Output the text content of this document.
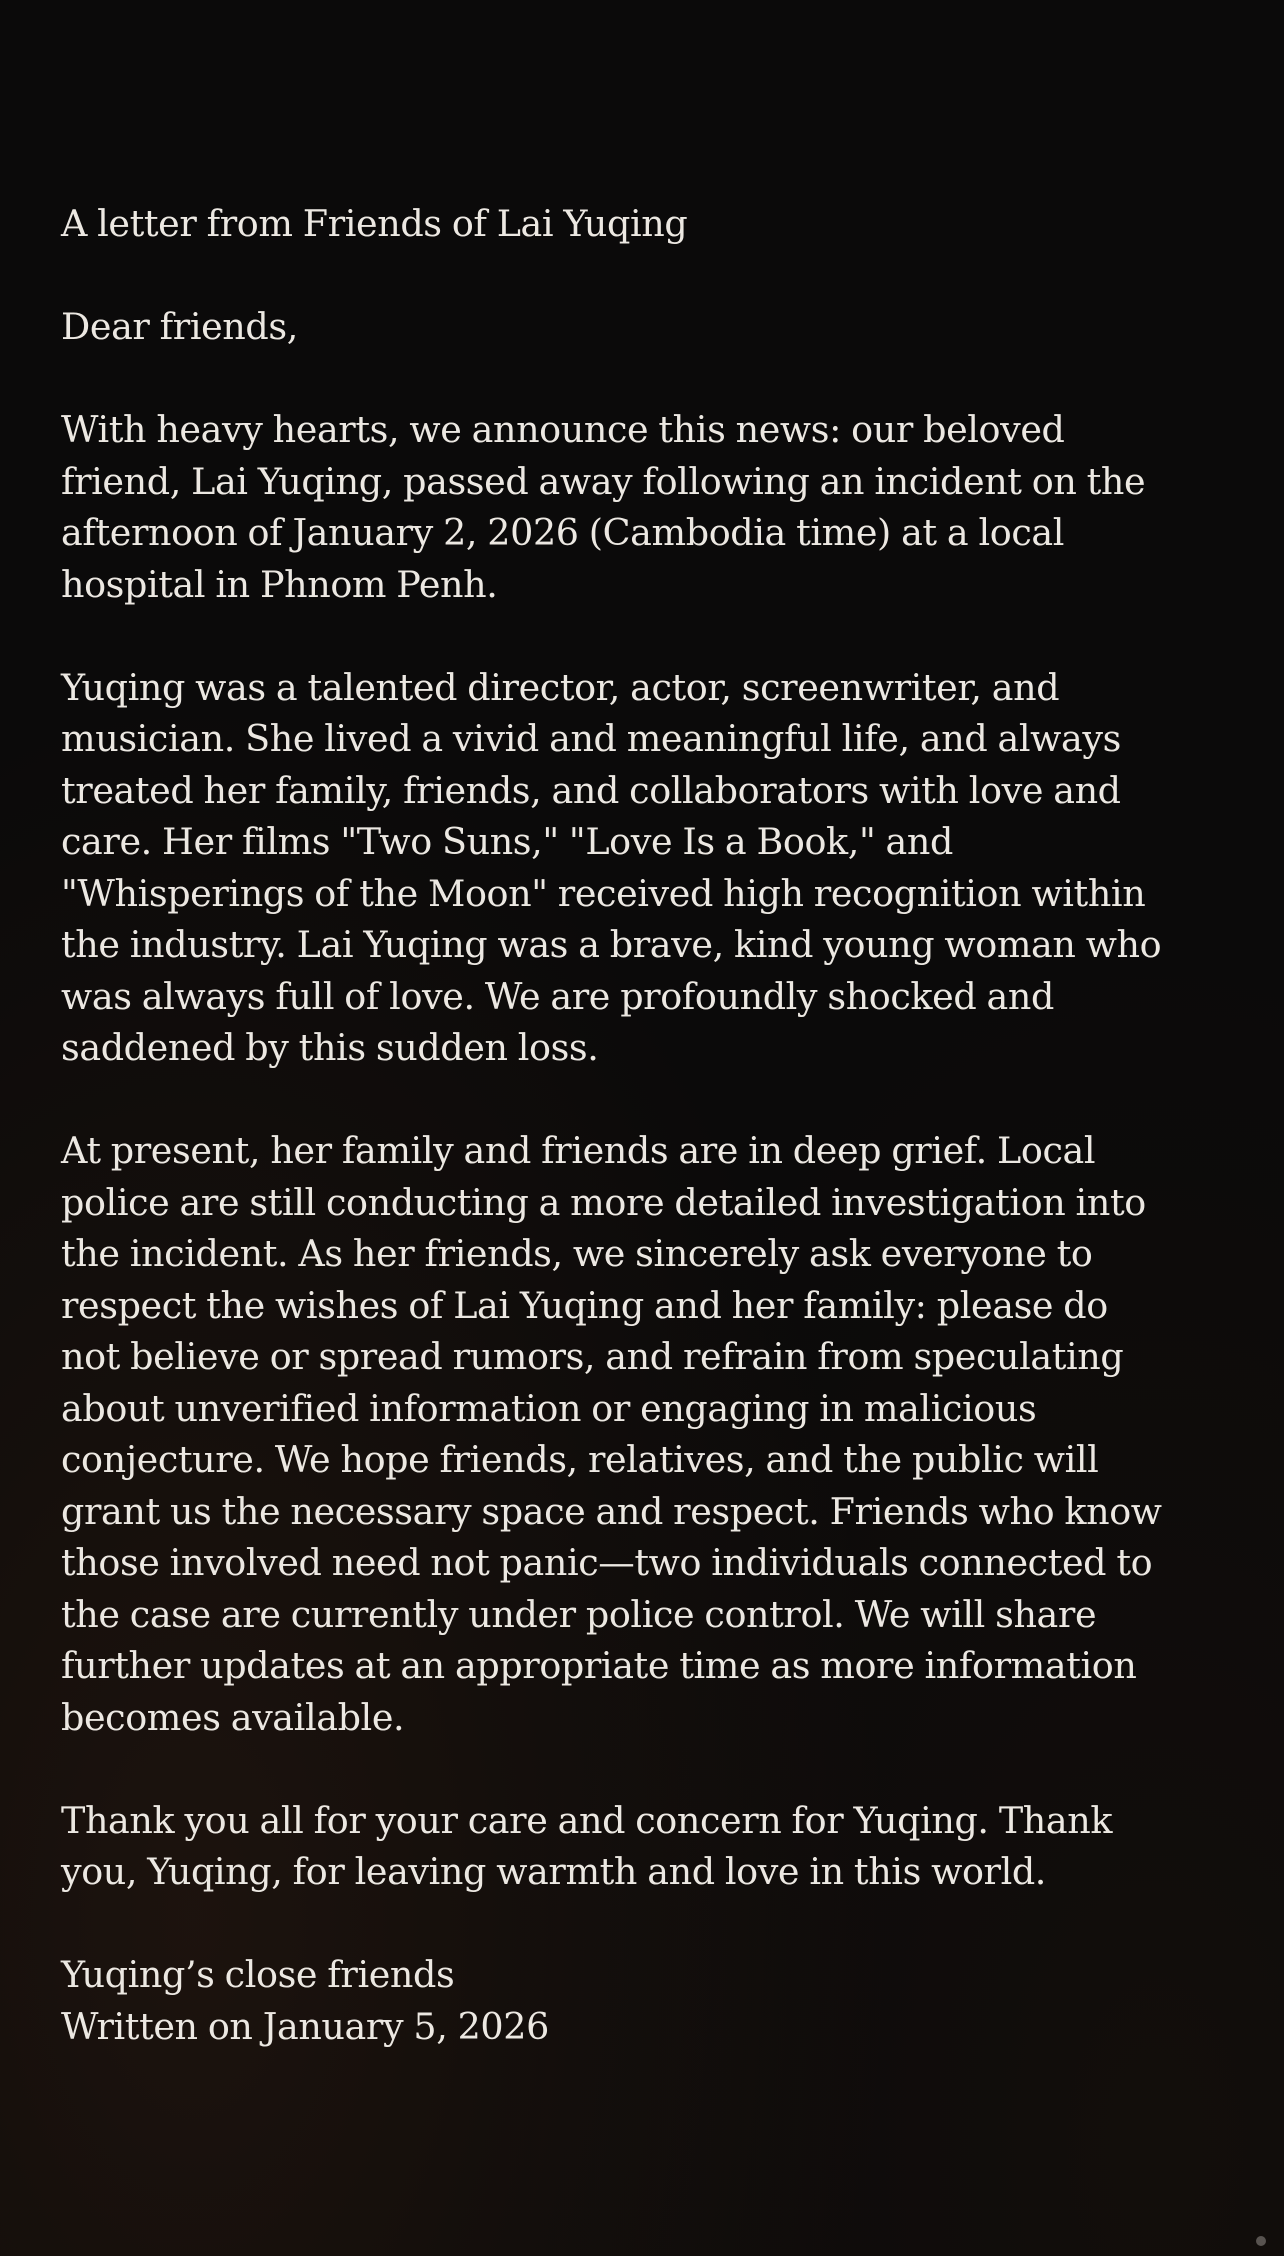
A letter from Friends of Lai Yuqing

Dear friends,

With heavy hearts, we announce this news: our beloved
friend, Lai Yuqing, passed away following an incident on the
afternoon of January 2, 2026 (Cambodia time) at a local
hospital in Phnom Penh.

Yuqing was a talented director, actor, screenwriter, and
musician. She lived a vivid and meaningful life, and always
treated her family, friends, and collaborators with love and
care. Her films "Two Suns," "Love Is a Book," and
"Whisperings of the Moon" received high recognition within
the industry. Lai Yuqing was a brave, kind young woman who
was always full of love. We are profoundly shocked and
saddened by this sudden loss.

At present, her family and friends are in deep grief. Local
police are still conducting a more detailed investigation into
the incident. As her friends, we sincerely ask everyone to
respect the wishes of Lai Yuqing and her family: please do
not believe or spread rumors, and refrain from speculating
about unverified information or engaging in malicious
conjecture. We hope friends, relatives, and the public will
grant us the necessary space and respect. Friends who know
those involved need not panic—two individuals connected to
the case are currently under police control. We will share
further updates at an appropriate time as more information
becomes available.

Thank you all for your care and concern for Yuqing. Thank
you, Yuqing, for leaving warmth and love in this world.

Yuqing’s close friends
Written on January 5, 2026
